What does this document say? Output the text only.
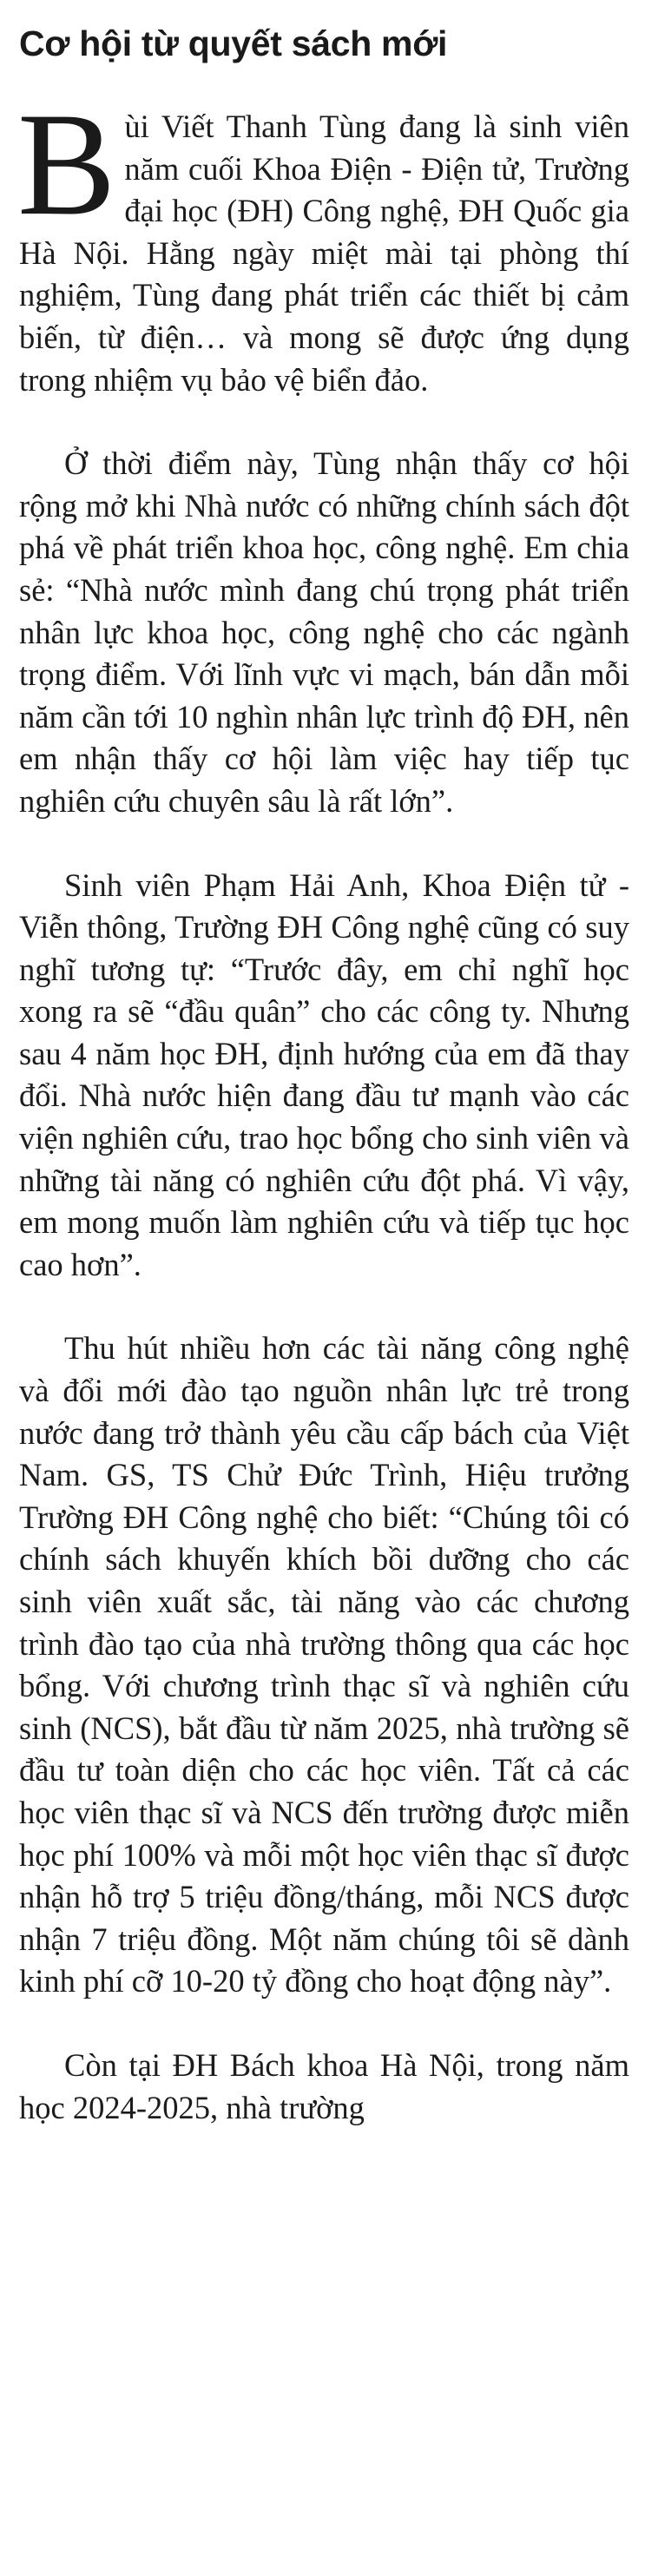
Cơ hội từ quyết sách mới

Bùi Viết Thanh Tùng đang là sinh viên năm cuối Khoa Điện - Điện tử, Trường đại học (ĐH) Công nghệ, ĐH Quốc gia Hà Nội. Hằng ngày miệt mài tại phòng thí nghiệm, Tùng đang phát triển các thiết bị cảm biến, từ điện… và mong sẽ được ứng dụng trong nhiệm vụ bảo vệ biển đảo.

Ở thời điểm này, Tùng nhận thấy cơ hội rộng mở khi Nhà nước có những chính sách đột phá về phát triển khoa học, công nghệ. Em chia sẻ: “Nhà nước mình đang chú trọng phát triển nhân lực khoa học, công nghệ cho các ngành trọng điểm. Với lĩnh vực vi mạch, bán dẫn mỗi năm cần tới 10 nghìn nhân lực trình độ ĐH, nên em nhận thấy cơ hội làm việc hay tiếp tục nghiên cứu chuyên sâu là rất lớn”.

Sinh viên Phạm Hải Anh, Khoa Điện tử - Viễn thông, Trường ĐH Công nghệ cũng có suy nghĩ tương tự: “Trước đây, em chỉ nghĩ học xong ra sẽ “đầu quân” cho các công ty. Nhưng sau 4 năm học ĐH, định hướng của em đã thay đổi. Nhà nước hiện đang đầu tư mạnh vào các viện nghiên cứu, trao học bổng cho sinh viên và những tài năng có nghiên cứu đột phá. Vì vậy, em mong muốn làm nghiên cứu và tiếp tục học cao hơn”.

Thu hút nhiều hơn các tài năng công nghệ và đổi mới đào tạo nguồn nhân lực trẻ trong nước đang trở thành yêu cầu cấp bách của Việt Nam. GS, TS Chử Đức Trình, Hiệu trưởng Trường ĐH Công nghệ cho biết: “Chúng tôi có chính sách khuyến khích bồi dưỡng cho các sinh viên xuất sắc, tài năng vào các chương trình đào tạo của nhà trường thông qua các học bổng. Với chương trình thạc sĩ và nghiên cứu sinh (NCS), bắt đầu từ năm 2025, nhà trường sẽ đầu tư toàn diện cho các học viên. Tất cả các học viên thạc sĩ và NCS đến trường được miễn học phí 100% và mỗi một học viên thạc sĩ được nhận hỗ trợ 5 triệu đồng/tháng, mỗi NCS được nhận 7 triệu đồng. Một năm chúng tôi sẽ dành kinh phí cỡ 10-20 tỷ đồng cho hoạt động này”.

Còn tại ĐH Bách khoa Hà Nội, trong năm học 2024-2025, nhà trường
